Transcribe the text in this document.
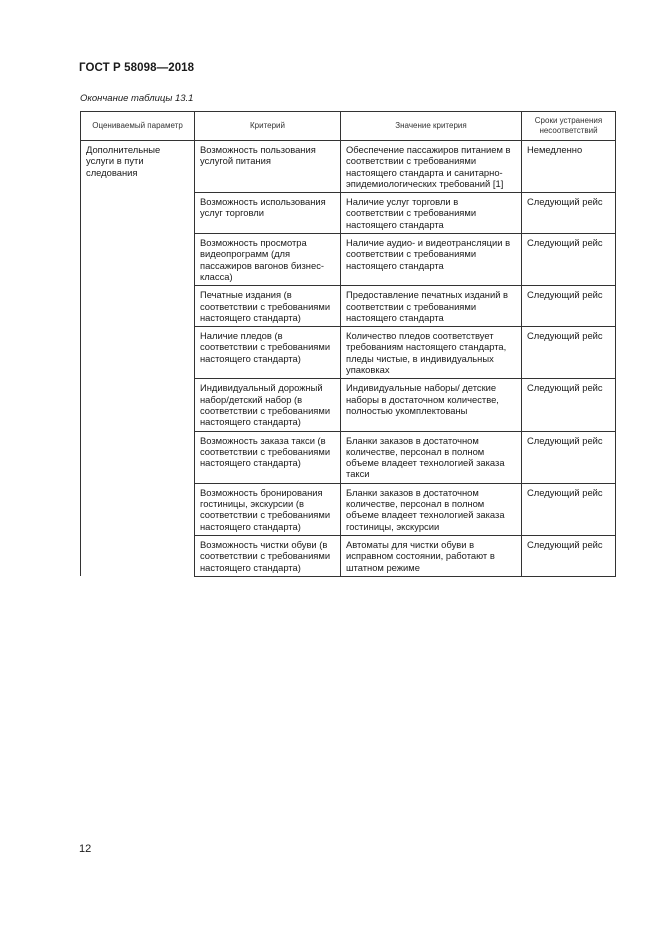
ГОСТ Р 58098—2018
Окончание таблицы 13.1
Оцениваемый параметр	Критерий	Значение критерия	Сроки устранения несоответствий
Дополнительные услуги в пути следования	Возможность пользования услугой питания	Обеспечение пассажиров питанием в соответствии с требованиями настоящего стандарта и санитарно-эпидемиологических требований [1]	Немедленно
	Возможность использования услуг торговли	Наличие услуг торговли в соответствии с требованиями настоящего стандарта	Следующий рейс
	Возможность просмотра видеопрограмм (для пассажиров вагонов бизнес-класса)	Наличие аудио- и видеотрансляции в соответствии с требованиями настоящего стандарта	Следующий рейс
	Печатные издания (в соответствии с требованиями настоящего стандарта)	Предоставление печатных изданий в соответствии с требованиями настоящего стандарта	Следующий рейс
	Наличие пледов (в соответствии с требованиями настоящего стандарта)	Количество пледов соответствует требованиям настоящего стандарта, пледы чистые, в индивидуальных упаковках	Следующий рейс
	Индивидуальный дорожный набор/детский набор (в соответствии с требованиями настоящего стандарта)	Индивидуальные наборы/ детские наборы в достаточном количестве, полностью укомплектованы	Следующий рейс
	Возможность заказа такси (в соответствии с требованиями настоящего стандарта)	Бланки заказов в достаточном количестве, персонал в полном объеме владеет технологией заказа такси	Следующий рейс
	Возможность бронирования гостиницы, экскурсии (в соответствии с требованиями настоящего стандарта)	Бланки заказов в достаточном количестве, персонал в полном объеме владеет технологией заказа гостиницы, экскурсии	Следующий рейс
	Возможность чистки обуви (в соответствии с требованиями настоящего стандарта)	Автоматы для чистки обуви в исправном состоянии, работают в штатном режиме	Следующий рейс
12
